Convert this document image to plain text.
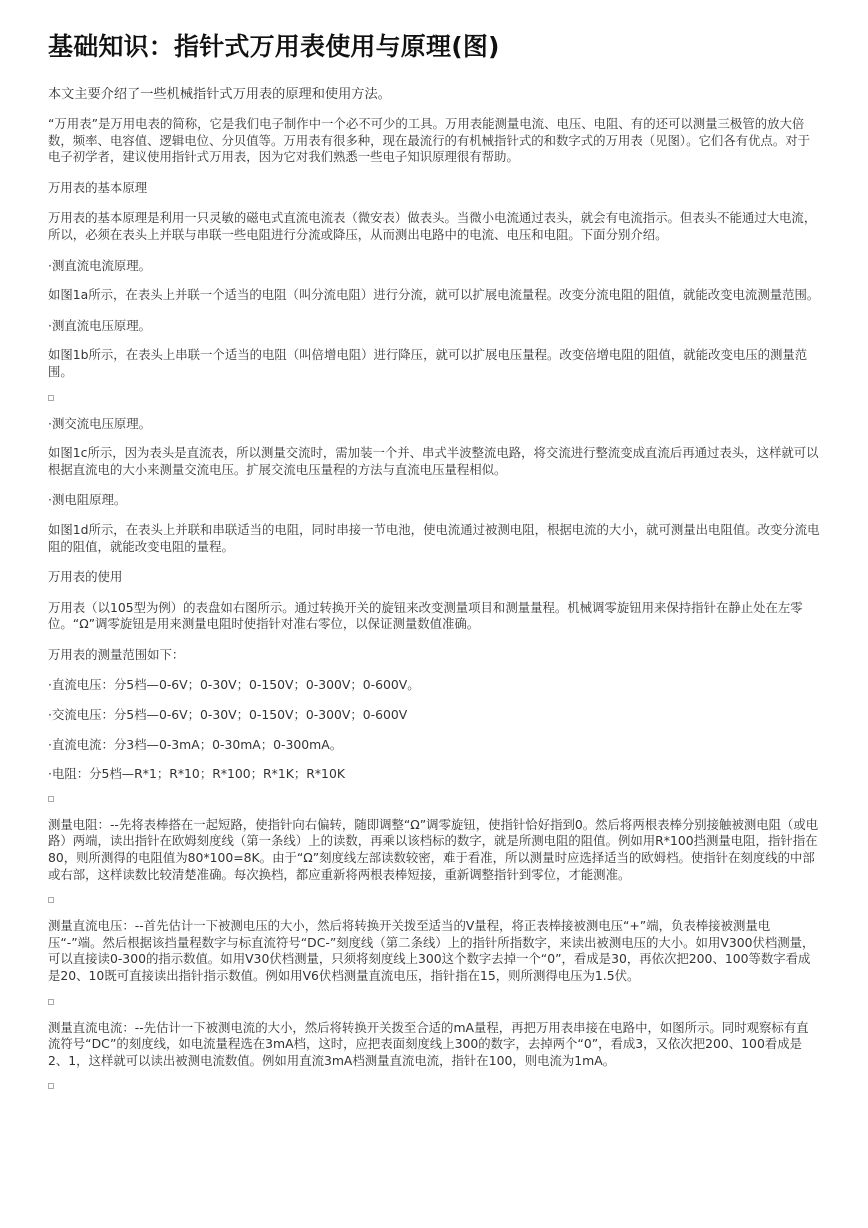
基础知识：指针式万用表使用与原理(图)

本文主要介绍了一些机械指针式万用表的原理和使用方法。

“万用表”是万用电表的简称，它是我们电子制作中一个必不可少的工具。万用表能测量电流、电压、电阻、有的还可以测量三极管的放大倍数，频率、电容值、逻辑电位、分贝值等。万用表有很多种，现在最流行的有机械指针式的和数字式的万用表（见图）。它们各有优点。对于电子初学者，建议使用指针式万用表，因为它对我们熟悉一些电子知识原理很有帮助。

万用表的基本原理

万用表的基本原理是利用一只灵敏的磁电式直流电流表（微安表）做表头。当微小电流通过表头，就会有电流指示。但表头不能通过大电流，所以，必须在表头上并联与串联一些电阻进行分流或降压，从而测出电路中的电流、电压和电阻。下面分别介绍。

·测直流电流原理。

如图1a所示，在表头上并联一个适当的电阻（叫分流电阻）进行分流，就可以扩展电流量程。改变分流电阻的阻值，就能改变电流测量范围。

·测直流电压原理。

如图1b所示，在表头上串联一个适当的电阻（叫倍增电阻）进行降压，就可以扩展电压量程。改变倍增电阻的阻值，就能改变电压的测量范围。

·测交流电压原理。

如图1c所示，因为表头是直流表，所以测量交流时，需加装一个并、串式半波整流电路，将交流进行整流变成直流后再通过表头，这样就可以根据直流电的大小来测量交流电压。扩展交流电压量程的方法与直流电压量程相似。

·测电阻原理。

如图1d所示，在表头上并联和串联适当的电阻，同时串接一节电池，使电流通过被测电阻，根据电流的大小，就可测量出电阻值。改变分流电阻的阻值，就能改变电阻的量程。

万用表的使用

万用表（以105型为例）的表盘如右图所示。通过转换开关的旋钮来改变测量项目和测量量程。机械调零旋钮用来保持指针在静止处在左零位。“Ω”调零旋钮是用来测量电阻时使指针对准右零位，以保证测量数值准确。

万用表的测量范围如下：

·直流电压：分5档—0-6V；0-30V；0-150V；0-300V；0-600V。

·交流电压：分5档—0-6V；0-30V；0-150V；0-300V；0-600V

·直流电流：分3档—0-3mA；0-30mA；0-300mA。

·电阻：分5档—R*1；R*10；R*100；R*1K；R*10K

测量电阻：--先将表棒搭在一起短路，使指针向右偏转，随即调整“Ω”调零旋钮，使指针恰好指到0。然后将两根表棒分别接触被测电阻（或电路）两端，读出指针在欧姆刻度线（第一条线）上的读数，再乘以该档标的数字，就是所测电阻的阻值。例如用R*100挡测量电阻，指针指在80，则所测得的电阻值为80*100=8K。由于“Ω”刻度线左部读数较密，难于看准，所以测量时应选择适当的欧姆档。使指针在刻度线的中部或右部，这样读数比较清楚准确。每次换档，都应重新将两根表棒短接，重新调整指针到零位，才能测准。

测量直流电压：--首先估计一下被测电压的大小，然后将转换开关拨至适当的V量程，将正表棒接被测电压“+”端，负表棒接被测量电压“-”端。然后根据该挡量程数字与标直流符号“DC-”刻度线（第二条线）上的指针所指数字，来读出被测电压的大小。如用V300伏档测量，可以直接读0-300的指示数值。如用V30伏档测量，只须将刻度线上300这个数字去掉一个“0”，看成是30，再依次把200、100等数字看成是20、10既可直接读出指针指示数值。例如用V6伏档测量直流电压，指针指在15，则所测得电压为1.5伏。

测量直流电流：--先估计一下被测电流的大小，然后将转换开关拨至合适的mA量程，再把万用表串接在电路中，如图所示。同时观察标有直流符号“DC”的刻度线，如电流量程选在3mA档，这时，应把表面刻度线上300的数字，去掉两个“0”，看成3，又依次把200、100看成是2、1，这样就可以读出被测电流数值。例如用直流3mA档测量直流电流，指针在100，则电流为1mA。
